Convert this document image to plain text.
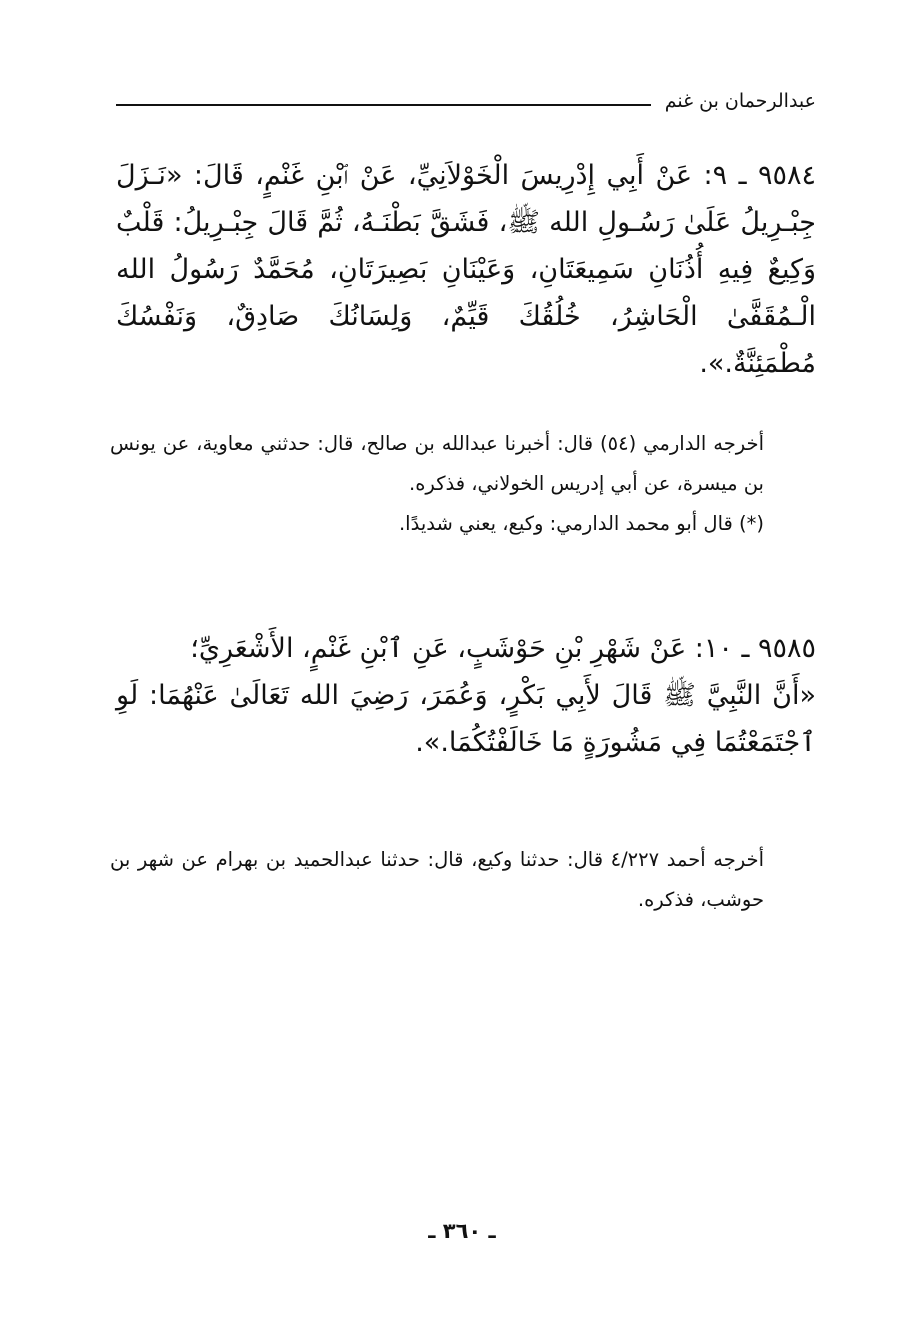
عبدالرحمان بن غنم

٩٥٨٤ ـ ٩: عَنْ أَبِي إِدْرِيسَ الْخَوْلاَنِيِّ، عَنْ ٱبْنِ غَنْمٍ، قَالَ: «نَـزَلَ جِبْـرِيلُ عَلَىٰ رَسُـولِ الله ﷺ، فَشَقَّ بَطْنَـهُ، ثُمَّ قَالَ جِبْـرِيلُ: قَلْبٌ وَكِيعٌ فِيهِ أُذُنَانِ سَمِيعَتَانِ، وَعَيْنَانِ بَصِيرَتَانِ، مُحَمَّدٌ رَسُولُ الله الْـمُقَفَّىٰ الْحَاشِرُ، خُلُقُكَ قَيِّمٌ، وَلِسَانُكَ صَادِقٌ، وَنَفْسُكَ مُطْمَئِنَّةٌ.».

أخرجه الدارمي (٥٤) قال: أخبرنا عبدالله بن صالح، قال: حدثني معاوية، عن يونس بن ميسرة، عن أبي إدريس الخولاني، فذكره.

(*) قال أبو محمد الدارمي: وكيع، يعني شديدًا.

٩٥٨٥ ـ ١٠: عَنْ شَهْرِ بْنِ حَوْشَبٍ، عَنِ ٱبْنِ غَنْمٍ، الأَشْعَرِيِّ؛

«أَنَّ النَّبِيَّ ﷺ قَالَ لأَبِي بَكْرٍ، وَعُمَرَ، رَضِيَ الله تَعَالَىٰ عَنْهُمَا: لَوِ ٱجْتَمَعْتُمَا فِي مَشُورَةٍ مَا خَالَفْتُكُمَا.».

أخرجه أحمد ٤/٢٢٧ قال: حدثنا وكيع، قال: حدثنا عبدالحميد بن بهرام عن شهر بن حوشب، فذكره.

ـ ٣٦٠ ـ
